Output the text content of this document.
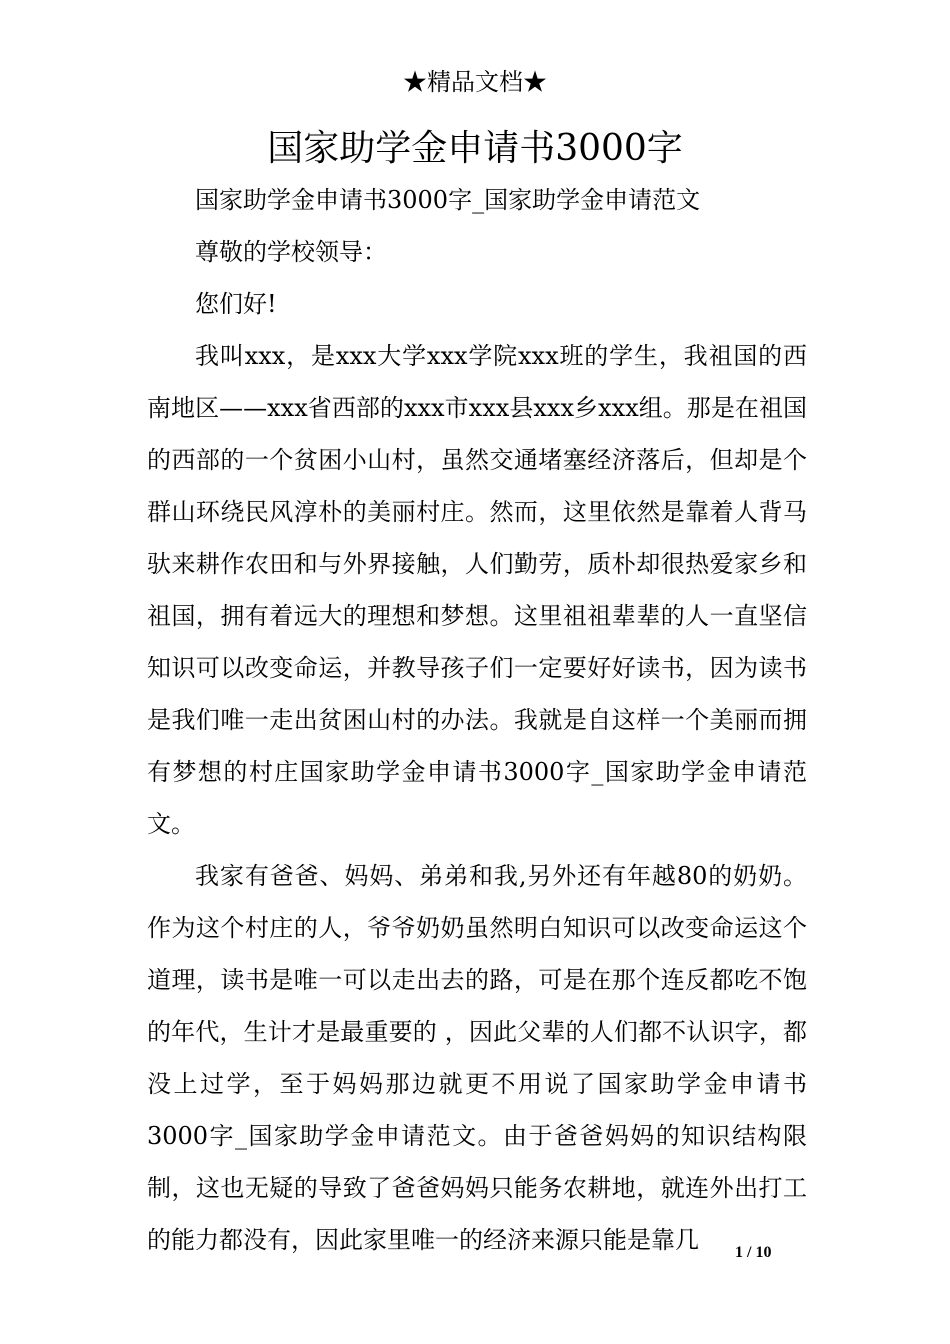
★精品文档★
国家助学金申请书3000字

国家助学金申请书3000字_国家助学金申请范文

尊敬的学校领导：

您们好!

我叫xxx，是xxx大学xxx学院xxx班的学生，我祖国的西南地区——xxx省西部的xxx市xxx县xxx乡xxx组。那是在祖国的西部的一个贫困小山村，虽然交通堵塞经济落后，但却是个群山环绕民风淳朴的美丽村庄。然而，这里依然是靠着人背马驮来耕作农田和与外界接触，人们勤劳，质朴却很热爱家乡和祖国，拥有着远大的理想和梦想。这里祖祖辈辈的人一直坚信知识可以改变命运，并教导孩子们一定要好好读书，因为读书是我们唯一走出贫困山村的办法。我就是自这样一个美丽而拥有梦想的村庄国家助学金申请书3000字_国家助学金申请范文。

我家有爸爸、妈妈、弟弟和我,另外还有年越80的奶奶。作为这个村庄的人，爷爷奶奶虽然明白知识可以改变命运这个道理，读书是唯一可以走出去的路，可是在那个连反都吃不饱的年代，生计才是最重要的 ，因此父辈的人们都不认识字，都没上过学，至于妈妈那边就更不用说了国家助学金申请书3000字_国家助学金申请范文。由于爸爸妈妈的知识结构限制，这也无疑的导致了爸爸妈妈只能务农耕地，就连外出打工的能力都没有，因此家里唯一的经济来源只能是靠几	1 / 10
